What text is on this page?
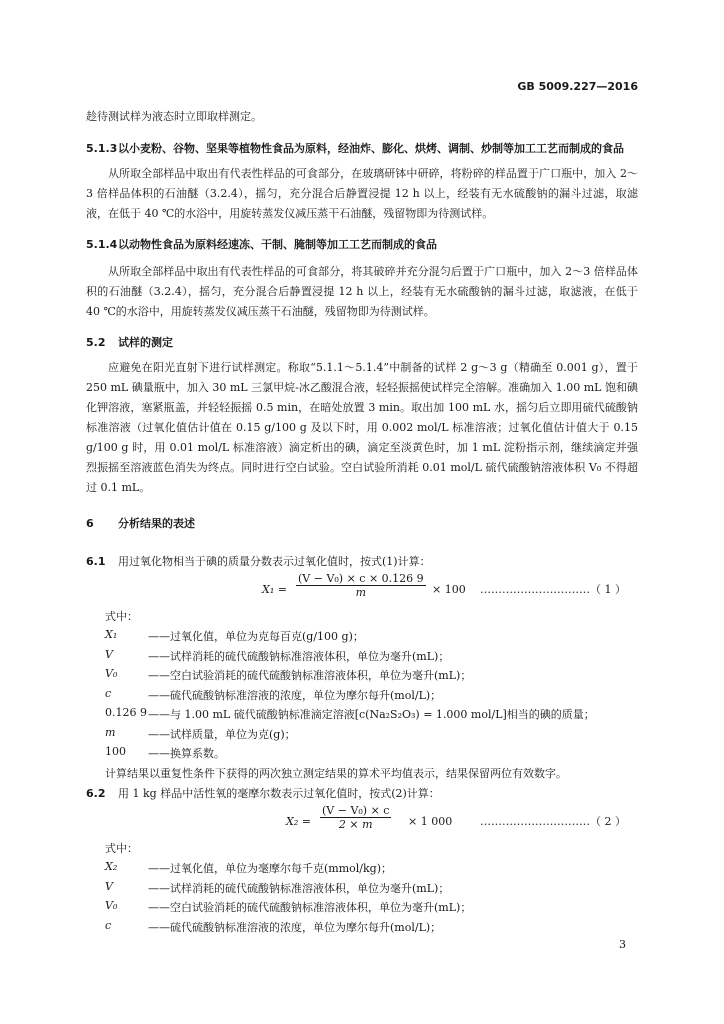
GB 5009.227—2016
趁待测试样为液态时立即取样测定。
5.1.3以小麦粉、谷物、坚果等植物性食品为原料，经油炸、膨化、烘烤、调制、炒制等加工工艺而制成的食品
从所取全部样品中取出有代表性样品的可食部分，在玻璃研钵中研碎，将粉碎的样品置于广口瓶中，加入 2～3 倍样品体积的石油醚（3.2.4），摇匀，充分混合后静置浸提 12 h 以上，经装有无水硫酸钠的漏斗过滤，取滤液，在低于 40 ℃的水浴中，用旋转蒸发仪减压蒸干石油醚，残留物即为待测试样。
5.1.4以动物性食品为原料经速冻、干制、腌制等加工工艺而制成的食品
从所取全部样品中取出有代表性样品的可食部分，将其破碎并充分混匀后置于广口瓶中，加入 2～3 倍样品体积的石油醚（3.2.4），摇匀，充分混合后静置浸提 12 h 以上，经装有无水硫酸钠的漏斗过滤，取滤液，在低于 40 ℃的水浴中，用旋转蒸发仪减压蒸干石油醚，残留物即为待测试样。
5.2 试样的测定
应避免在阳光直射下进行试样测定。称取“5.1.1～5.1.4”中制备的试样 2 g～3 g（精确至 0.001 g），置于 250 mL 碘量瓶中，加入 30 mL 三氯甲烷-冰乙酸混合液，轻轻振摇使试样完全溶解。准确加入 1.00 mL 饱和碘化钾溶液，塞紧瓶盖，并轻轻振摇 0.5 min，在暗处放置 3 min。取出加 100 mL 水，摇匀后立即用硫代硫酸钠标准溶液（过氧化值估计值在 0.15 g/100 g 及以下时，用 0.002 mol/L 标准溶液；过氧化值估计值大于 0.15 g/100 g 时，用 0.01 mol/L 标准溶液）滴定析出的碘，滴定至淡黄色时，加 1 mL 淀粉指示剂，继续滴定并强烈振摇至溶液蓝色消失为终点。同时进行空白试验。空白试验所消耗 0.01 mol/L 硫代硫酸钠溶液体积 V₀ 不得超过 0.1 mL。
6 分析结果的表述
6.1 用过氧化物相当于碘的质量分数表示过氧化值时，按式(1)计算：
$X_1 = \frac{\text{(V − V₀) × c × 0.126 9}}{m} \times 100$ …………………………（ 1 ）
式中：
X₁	——过氧化值，单位为克每百克(g/100 g)；
V	——试样消耗的硫代硫酸钠标准溶液体积，单位为毫升(mL)；
V₀	——空白试验消耗的硫代硫酸钠标准溶液体积，单位为毫升(mL)；
c	——硫代硫酸钠标准溶液的浓度，单位为摩尔每升(mol/L)；
0.126 9 ——与 1.00 mL 硫代硫酸钠标准滴定溶液[c(Na₂S₂O₃) = 1.000 mol/L]相当的碘的质量；
m	——试样质量，单位为克(g)；
100 ——换算系数。
计算结果以重复性条件下获得的两次独立测定结果的算术平均值表示，结果保留两位有效数字。
6.2 用 1 kg 样品中活性氧的毫摩尔数表示过氧化值时，按式(2)计算：
$X_2 = \frac{\text{(V − V₀) × c}}{2 \times m} \times 1$ 000	…………………………（ 2 ）
式中：
X₂	——过氧化值，单位为毫摩尔每千克(mmol/kg)；
V	——试样消耗的硫代硫酸钠标准溶液体积，单位为毫升(mL)；
V₀	——空白试验消耗的硫代硫酸钠标准溶液体积，单位为毫升(mL)；
c	——硫代硫酸钠标准溶液的浓度，单位为摩尔每升(mol/L)；
3
